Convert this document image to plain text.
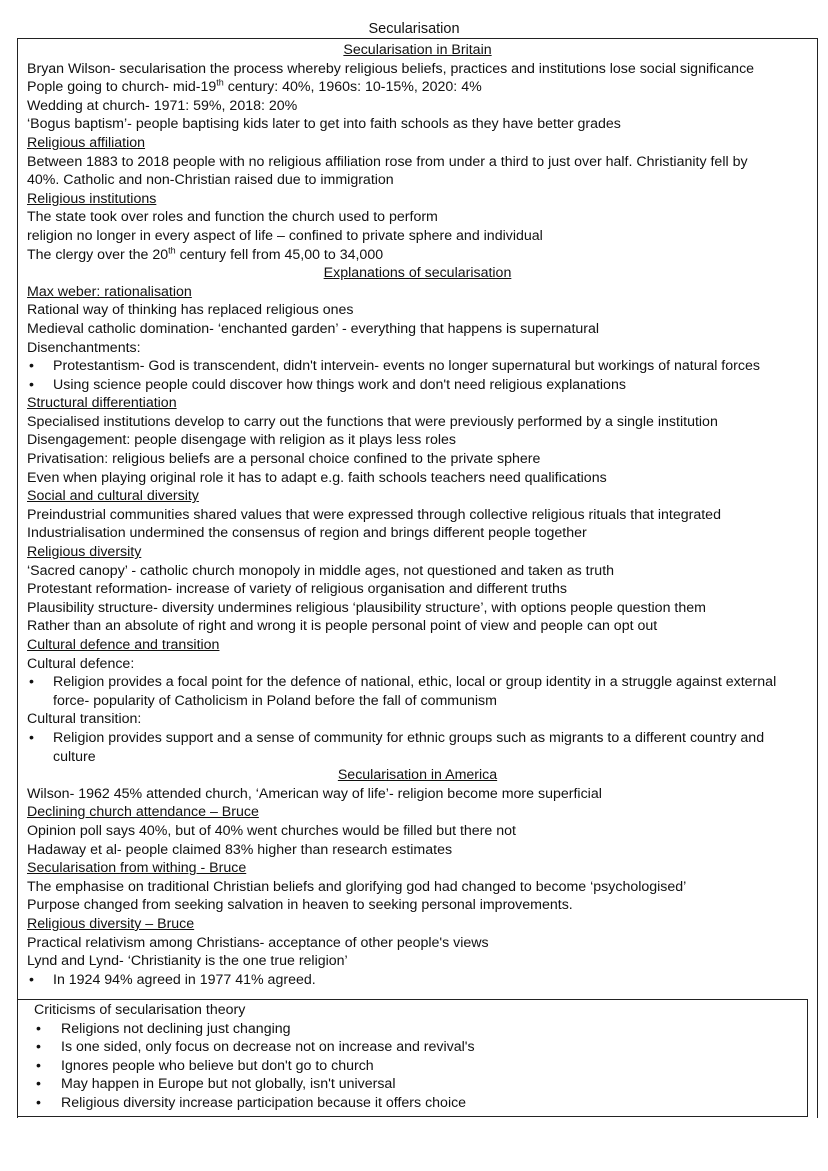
Secularisation
Secularisation in Britain
Bryan Wilson- secularisation the process whereby religious beliefs, practices and institutions lose social significance
Pople going to church- mid-19th century: 40%, 1960s: 10-15%, 2020: 4%
Wedding at church- 1971: 59%, 2018: 20%
‘Bogus baptism’- people baptising kids later to get into faith schools as they have better grades
Religious affiliation
Between 1883 to 2018 people with no religious affiliation rose from under a third to just over half. Christianity fell by
40%. Catholic and non-Christian raised due to immigration
Religious institutions
The state took over roles and function the church used to perform
religion no longer in every aspect of life – confined to private sphere and individual
The clergy over the 20th century fell from 45,00 to 34,000
Explanations of secularisation
Max weber: rationalisation
Rational way of thinking has replaced religious ones
Medieval catholic domination- ‘enchanted garden’ - everything that happens is supernatural
Disenchantments:
• Protestantism- God is transcendent, didn't intervein- events no longer supernatural but workings of natural forces
• Using science people could discover how things work and don't need religious explanations
Structural differentiation
Specialised institutions develop to carry out the functions that were previously performed by a single institution
Disengagement: people disengage with religion as it plays less roles
Privatisation: religious beliefs are a personal choice confined to the private sphere
Even when playing original role it has to adapt e.g. faith schools teachers need qualifications
Social and cultural diversity
Preindustrial communities shared values that were expressed through collective religious rituals that integrated
Industrialisation undermined the consensus of region and brings different people together
Religious diversity
‘Sacred canopy’ - catholic church monopoly in middle ages, not questioned and taken as truth
Protestant reformation- increase of variety of religious organisation and different truths
Plausibility structure- diversity undermines religious ‘plausibility structure’, with options people question them
Rather than an absolute of right and wrong it is people personal point of view and people can opt out
Cultural defence and transition
Cultural defence:
• Religion provides a focal point for the defence of national, ethic, local or group identity in a struggle against external
force- popularity of Catholicism in Poland before the fall of communism
Cultural transition:
• Religion provides support and a sense of community for ethnic groups such as migrants to a different country and
culture
Secularisation in America
Wilson- 1962 45% attended church, ‘American way of life’- religion become more superficial
Declining church attendance – Bruce
Opinion poll says 40%, but of 40% went churches would be filled but there not
Hadaway et al- people claimed 83% higher than research estimates
Secularisation from withing - Bruce
The emphasise on traditional Christian beliefs and glorifying god had changed to become ‘psychologised’
Purpose changed from seeking salvation in heaven to seeking personal improvements.
Religious diversity – Bruce
Practical relativism among Christians- acceptance of other people's views
Lynd and Lynd- ‘Christianity is the one true religion’
• In 1924 94% agreed in 1977 41% agreed.
Criticisms of secularisation theory
• Religions not declining just changing
• Is one sided, only focus on decrease not on increase and revival's
• Ignores people who believe but don't go to church
• May happen in Europe but not globally, isn't universal
• Religious diversity increase participation because it offers choice
